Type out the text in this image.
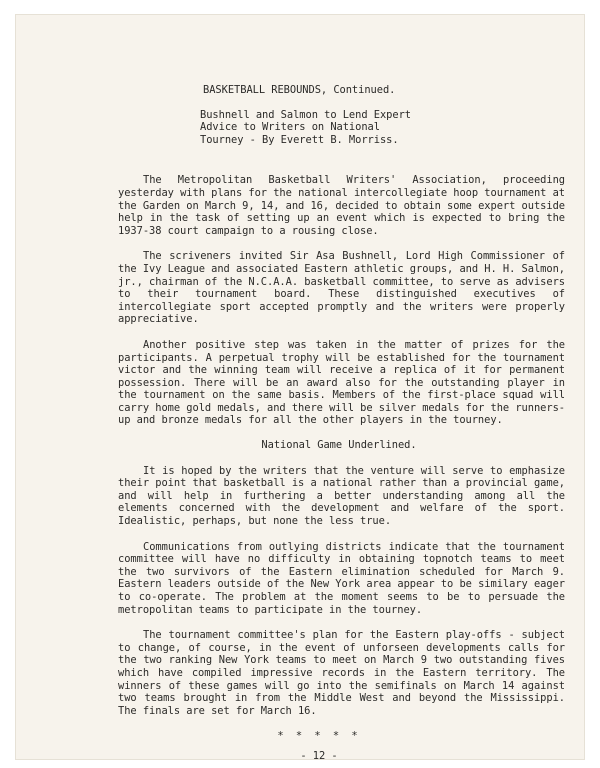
BASKETBALL REBOUNDS, Continued.
Bushnell and Salmon to Lend Expert
Advice to Writers on National
Tourney - By Everett B. Morriss.
The Metropolitan Basketball Writers' Association, proceeding yesterday with plans for the national intercollegiate hoop tournament at the Garden on March 9, 14, and 16, decided to obtain some expert outside help in the task of setting up an event which is expected to bring the 1937-38 court campaign to a rousing close.
The scriveners invited Sir Asa Bushnell, Lord High Commissioner of the Ivy League and associated Eastern athletic groups, and H. H. Salmon, jr., chairman of the N.C.A.A. basketball committee, to serve as advisers to their tournament board. These distinguished executives of intercollegiate sport accepted promptly and the writers were properly appreciative.
Another positive step was taken in the matter of prizes for the participants. A perpetual trophy will be established for the tournament victor and the winning team will receive a replica of it for permanent possession. There will be an award also for the outstanding player in the tournament on the same basis. Members of the first-place squad will carry home gold medals, and there will be silver medals for the runners-up and bronze medals for all the other players in the tourney.
National Game Underlined.
It is hoped by the writers that the venture will serve to emphasize their point that basketball is a national rather than a provincial game, and will help in furthering a better understanding among all the elements concerned with the development and welfare of the sport. Idealistic, perhaps, but none the less true.
Communications from outlying districts indicate that the tournament committee will have no difficulty in obtaining topnotch teams to meet the two survivors of the Eastern elimination scheduled for March 9. Eastern leaders outside of the New York area appear to be similary eager to co-operate. The problem at the moment seems to be to persuade the metropolitan teams to participate in the tourney.
The tournament committee's plan for the Eastern play-offs - subject to change, of course, in the event of unforseen developments calls for the two ranking New York teams to meet on March 9 two outstanding fives which have compiled impressive records in the Eastern territory. The winners of these games will go into the semifinals on March 14 against two teams brought in from the Middle West and beyond the Mississippi. The finals are set for March 16.
* * * * *
- 12 -
